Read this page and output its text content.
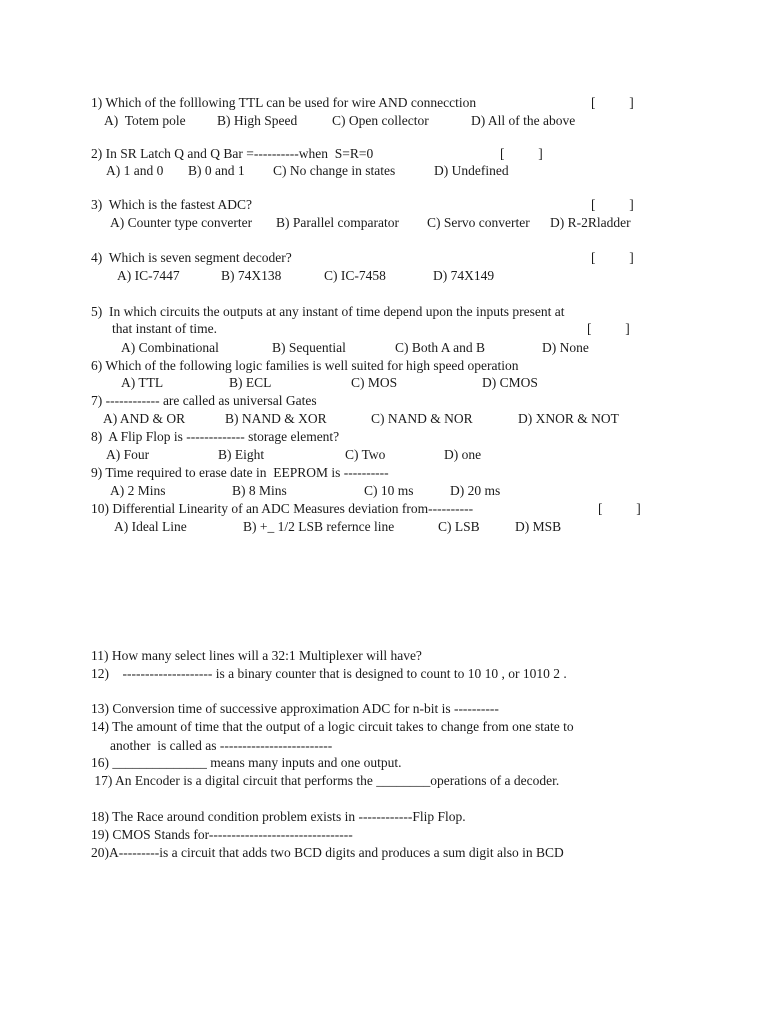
1) Which of the folllowing TTL can be used for wire AND connecction	[          ]
A)  Totem pole B) High Speed	C) Open collector	D) All of the above
2) In SR Latch Q and Q Bar =----------when  S=R=0	[          ]
A) 1 and 0 B) 0 and 1 C) No change in states	D) Undefined
3)  Which is the fastest ADC?	[          ]
A) Counter type converter B) Parallel comparator C) Servo converter D) R-2Rladder
4)  Which is seven segment decoder?	[          ]
A) IC-7447	B) 74X138	C) IC-7458	D) 74X149
5)  In which circuits the outputs at any instant of time depend upon the inputs present at
that instant of time.	[          ]
A) Combinational	B) Sequential	C) Both A and B	D) None
6) Which of the following logic families is well suited for high speed operation
A) TTL	B) ECL	C) MOS	D) CMOS
7) ------------ are called as universal Gates
A) AND & OR	B) NAND & XOR	C) NAND & NOR	D) XNOR & NOT
8)  A Flip Flop is ------------- storage element?
A) Four	B) Eight	C) Two	D) one
9) Time required to erase date in  EEPROM is ----------
A) 2 Mins	B) 8 Mins	C) 10 ms	D) 20 ms
10) Differential Linearity of an ADC Measures deviation from----------	[          ]
A) Ideal Line	B) +_ 1/2 LSB refernce line	C) LSB	D) MSB
11) How many select lines will a 32:1 Multiplexer will have?
12)    -------------------- is a binary counter that is designed to count to 10 10 , or 1010 2 .
13) Conversion time of successive approximation ADC for n-bit is ----------
14) The amount of time that the output of a logic circuit takes to change from one state to
another  is called as -------------------------
16) ______________ means many inputs and one output.
17) An Encoder is a digital circuit that performs the ________operations of a decoder.
18) The Race around condition problem exists in ------------Flip Flop.
19) CMOS Stands for--------------------------------
20)A---------is a circuit that adds two BCD digits and produces a sum digit also in BCD
